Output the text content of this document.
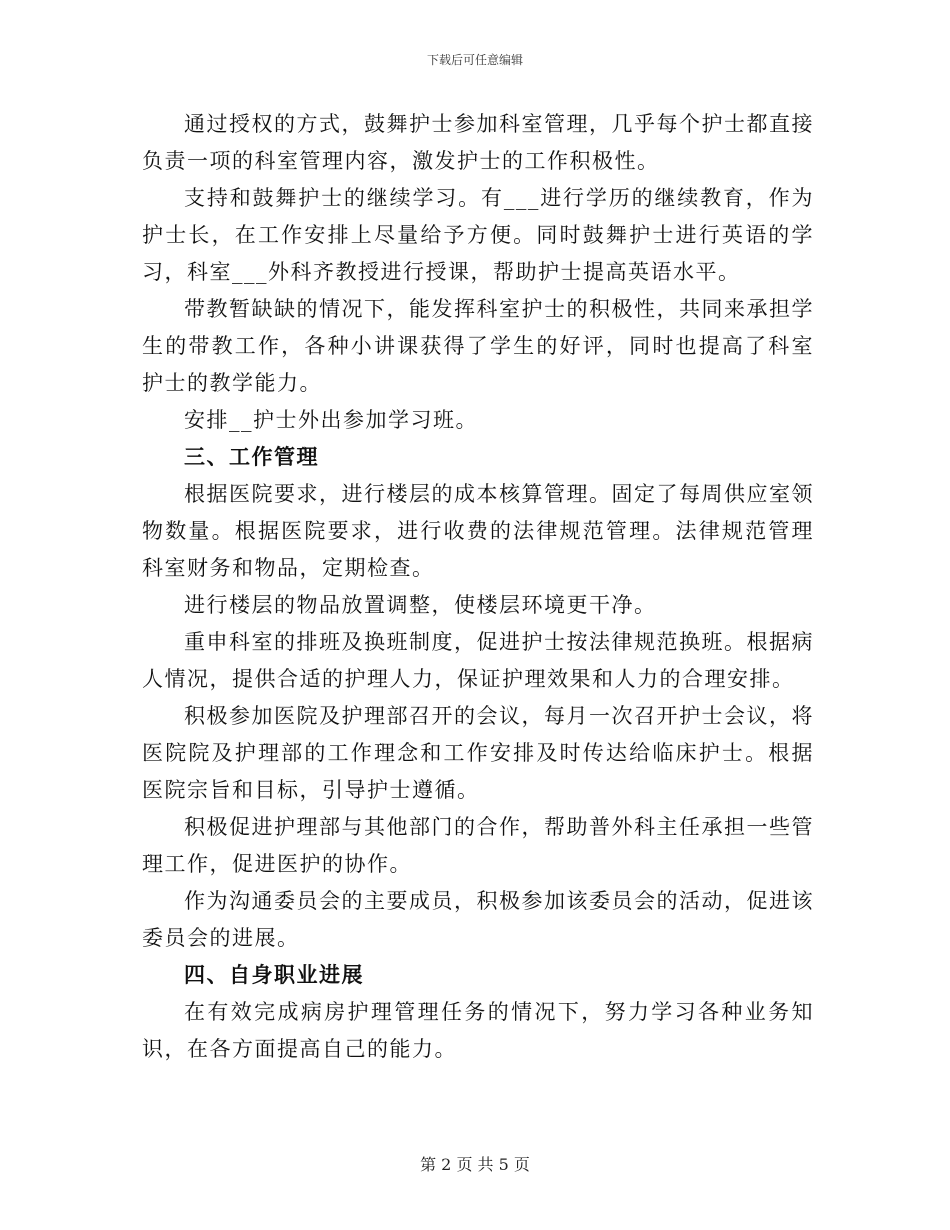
下载后可任意编辑

通过授权的方式，鼓舞护士参加科室管理，几乎每个护士都直接负责一项的科室管理内容，激发护士的工作积极性。

支持和鼓舞护士的继续学习。有___进行学历的继续教育，作为护士长，在工作安排上尽量给予方便。同时鼓舞护士进行英语的学习，科室___外科齐教授进行授课，帮助护士提高英语水平。

带教暂缺缺的情况下，能发挥科室护士的积极性，共同来承担学生的带教工作，各种小讲课获得了学生的好评，同时也提高了科室护士的教学能力。

安排__护士外出参加学习班。

三、工作管理

根据医院要求，进行楼层的成本核算管理。固定了每周供应室领物数量。根据医院要求，进行收费的法律规范管理。法律规范管理科室财务和物品，定期检查。

进行楼层的物品放置调整，使楼层环境更干净。

重申科室的排班及换班制度，促进护士按法律规范换班。根据病人情况，提供合适的护理人力，保证护理效果和人力的合理安排。

积极参加医院及护理部召开的会议，每月一次召开护士会议，将医院院及护理部的工作理念和工作安排及时传达给临床护士。根据医院宗旨和目标，引导护士遵循。

积极促进护理部与其他部门的合作，帮助普外科主任承担一些管理工作，促进医护的协作。

作为沟通委员会的主要成员，积极参加该委员会的活动，促进该委员会的进展。

四、自身职业进展

在有效完成病房护理管理任务的情况下，努力学习各种业务知识，在各方面提高自己的能力。

第 2 页 共 5 页
